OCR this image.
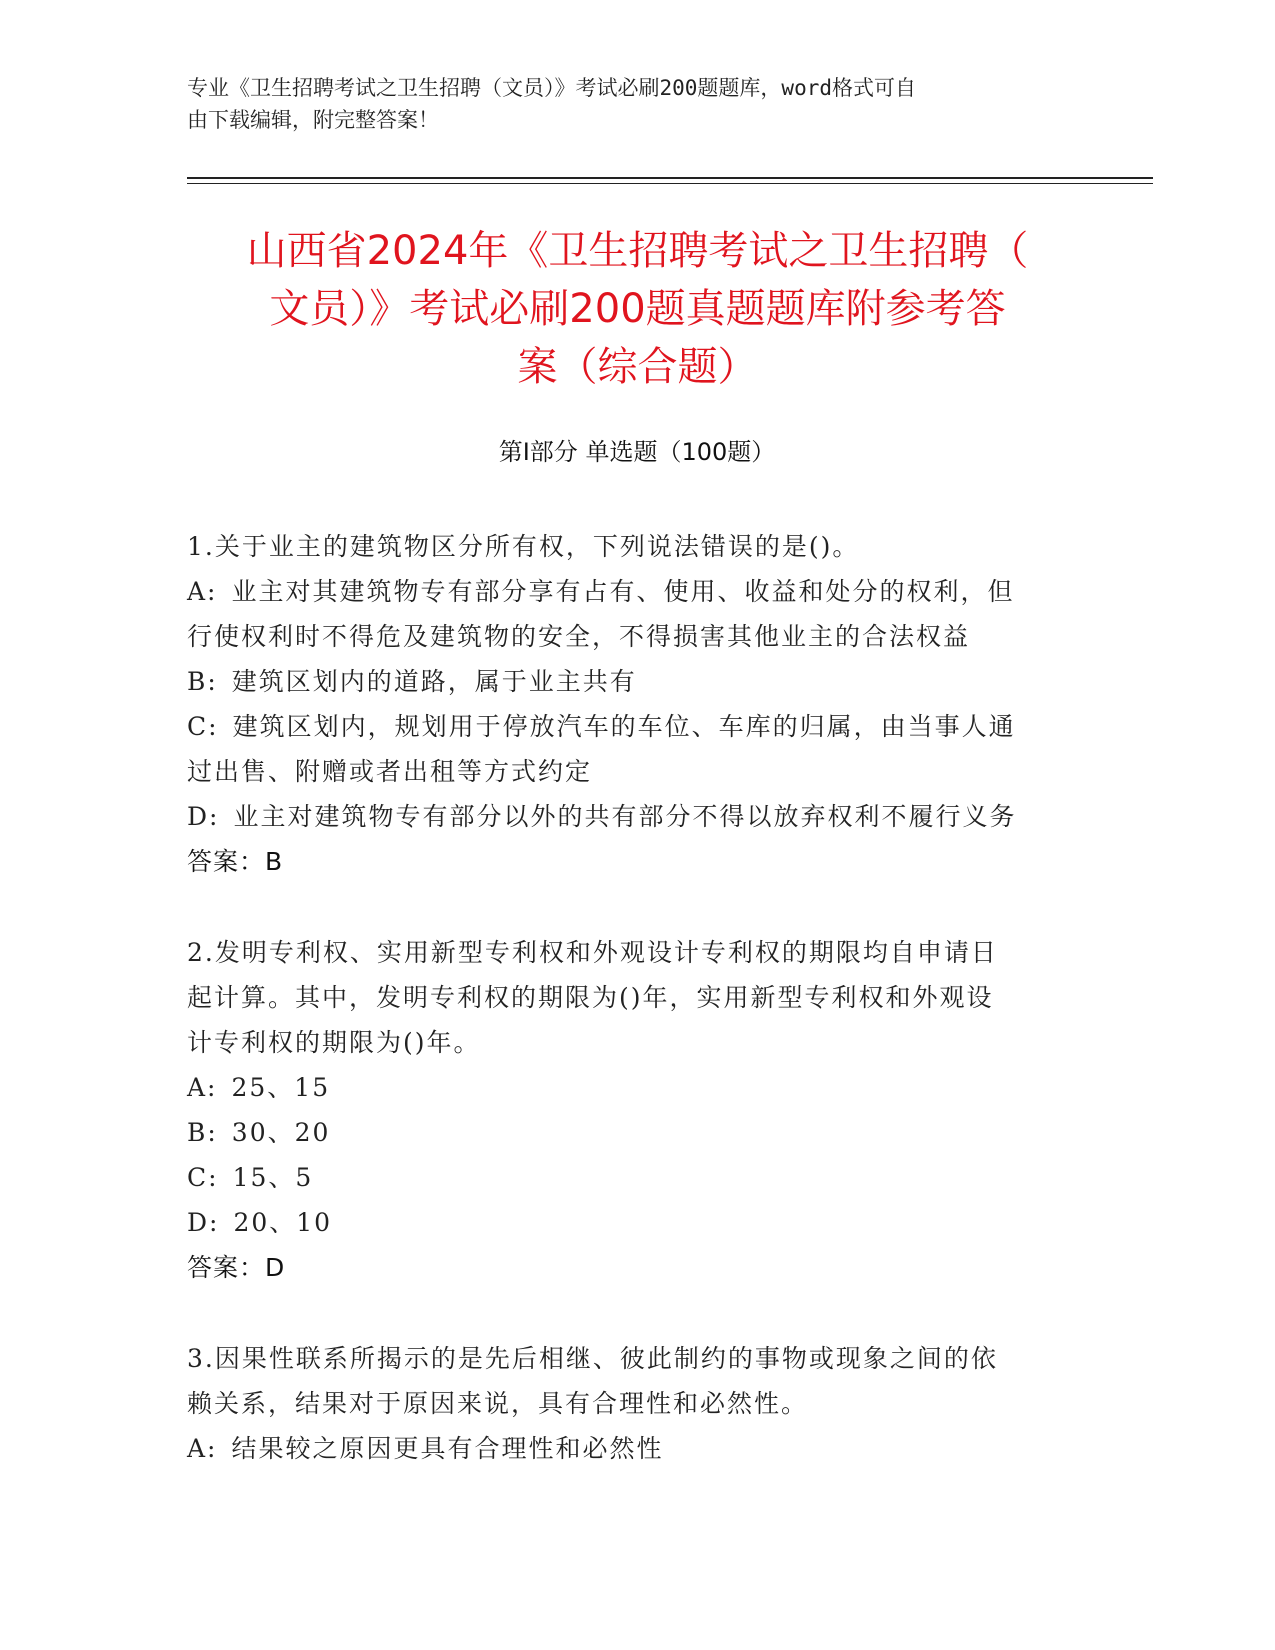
专业《卫生招聘考试之卫生招聘（文员）》考试必刷200题题库，word格式可自
由下载编辑，附完整答案！
山西省2024年《卫生招聘考试之卫生招聘（
文员）》考试必刷200题真题题库附参考答
案（综合题）
第Ⅰ部分 单选题（100题）
1.关于业主的建筑物区分所有权，下列说法错误的是()。
A: 业主对其建筑物专有部分享有占有、使用、收益和处分的权利，但
行使权利时不得危及建筑物的安全，不得损害其他业主的合法权益
B: 建筑区划内的道路，属于业主共有
C: 建筑区划内，规划用于停放汽车的车位、车库的归属，由当事人通
过出售、附赠或者出租等方式约定
D: 业主对建筑物专有部分以外的共有部分不得以放弃权利不履行义务
答案：B
2.发明专利权、实用新型专利权和外观设计专利权的期限均自申请日
起计算。其中，发明专利权的期限为()年，实用新型专利权和外观设
计专利权的期限为()年。
A: 25、15
B: 30、20
C: 15、5
D: 20、10
答案：D
3.因果性联系所揭示的是先后相继、彼此制约的事物或现象之间的依
赖关系，结果对于原因来说，具有合理性和必然性。
A: 结果较之原因更具有合理性和必然性
